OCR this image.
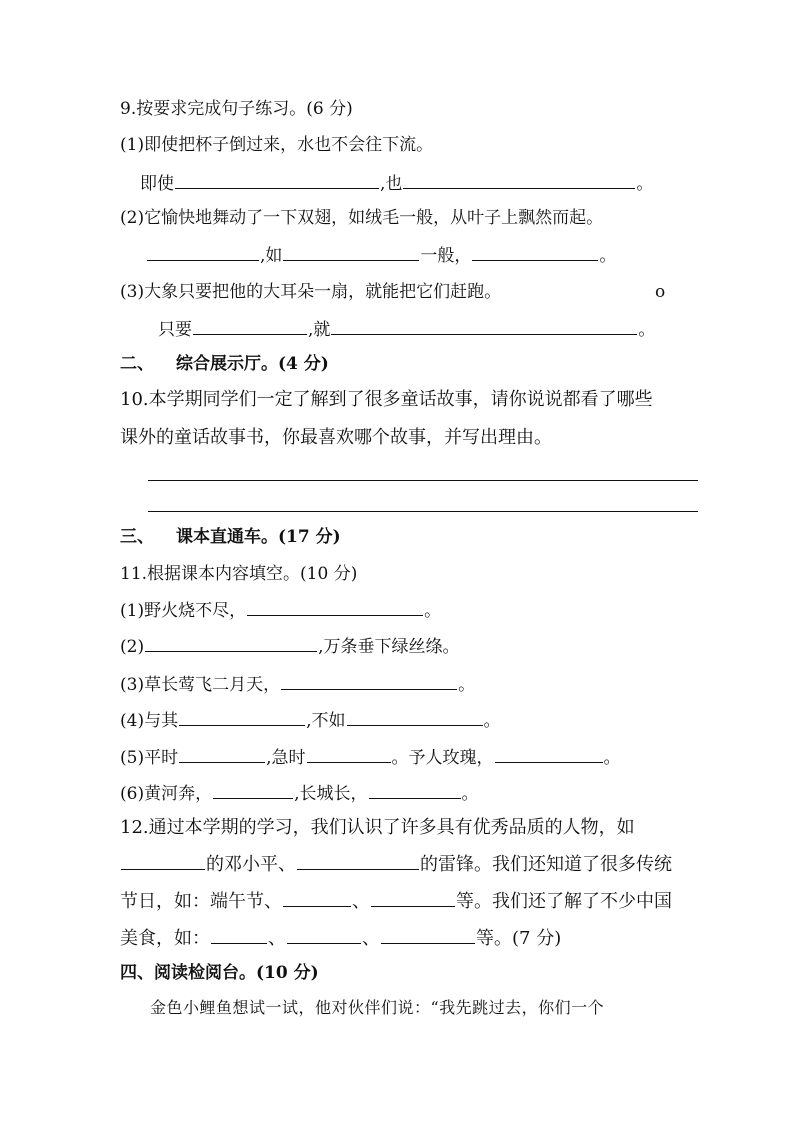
9.按要求完成句子练习。(6 分)
(1)即使把杯子倒过来，水也不会往下流。
即使	,也	。
(2)它愉快地舞动了一下双翅，如绒毛一般，从叶子上飘然而起。
,如	一般，	。
(3)大象只要把他的大耳朵一扇，就能把它们赶跑。	o
只要	,就	。
二、 综合展示厅。(4 分)
10.本学期同学们一定了解到了很多童话故事，请你说说都看了哪些
课外的童话故事书，你最喜欢哪个故事，并写出理由。
三、 课本直通车。(17 分)
11.根据课本内容填空。(10 分)
(1)野火烧不尽，	。
(2)	,万条垂下绿丝绦。
(3)草长莺飞二月天，	。
(4)与其	,不如	。
(5)平时	,急时	。予人玫瑰，	。
(6)黄河奔，	,长城长，	。
12.通过本学期的学习，我们认识了许多具有优秀品质的人物，如
的邓小平、	的雷锋。我们还知道了很多传统
节日，如：端午节、	、	等。我们还了解了不少中国
美食，如：	、	、	等。(7 分)
四、阅读检阅台。(10 分)
金色小鲤鱼想试一试，他对伙伴们说：“我先跳过去，你们一个
